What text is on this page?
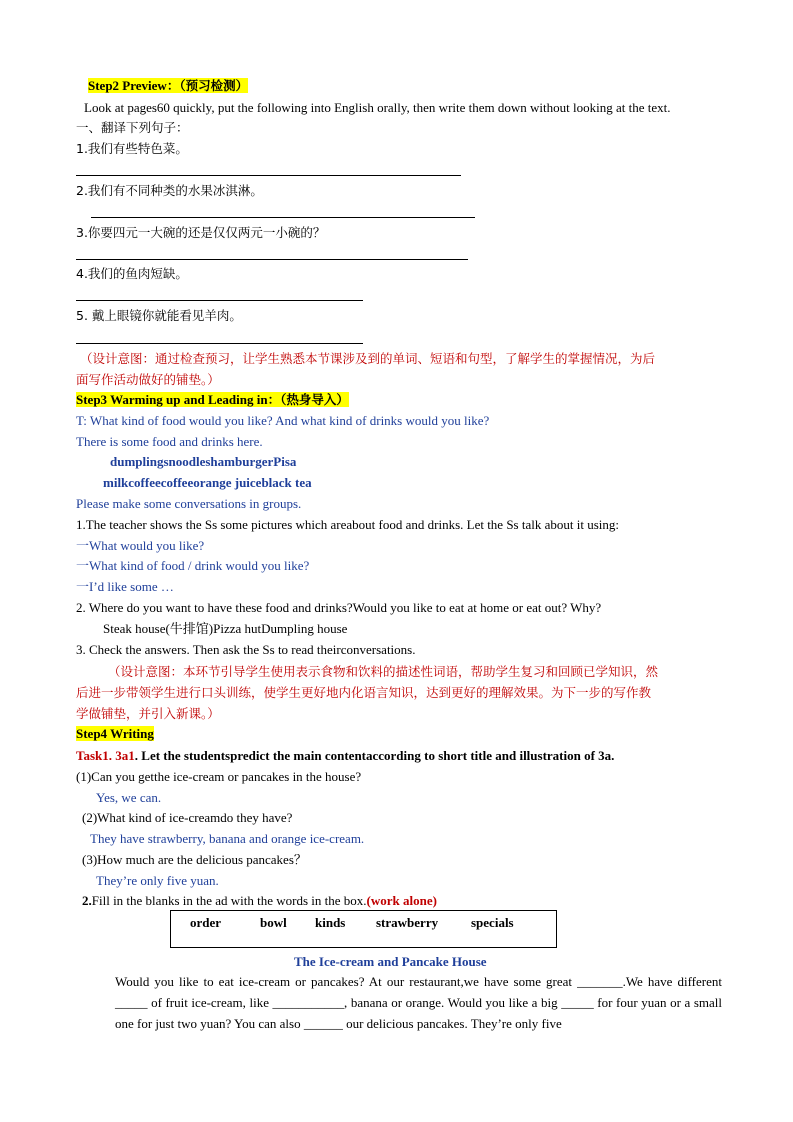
Step2 Preview：（预习检测）
Look at pages60 quickly, put the following into English orally, then write them down without looking at the text.
一、翻译下列句子：
1.我们有些特色菜。
2.我们有不同种类的水果冰淇淋。
3.你要四元一大碗的还是仅仅两元一小碗的？
4.我们的鱼肉短缺。
5. 戴上眼镜你就能看见羊肉。
（设计意图：通过检查预习，让学生熟悉本节课涉及到的单词、短语和句型，了解学生的掌握情况，为后
面写作活动做好的铺垫。）
Step3 Warming up and Leading in：（热身导入）
T: What kind of food would you like? And what kind of drinks would you like?
There is some food and drinks here.
dumplingsnoodleshamburgerPisa
milkcoffeecoffeeorange juiceblack tea
Please make some conversations in groups.
1.The teacher shows the Ss some pictures which areabout food and drinks. Let the Ss talk about it using:
一What would you like?
一What kind of food / drink would you like?
一I’d like some …
2. Where do you want to have these food and drinks?Would you like to eat at home or eat out? Why?
Steak house(牛排馆)Pizza hutDumpling house
3. Check the answers. Then ask the Ss to read theirconversations.
（设计意图：本环节引导学生使用表示食物和饮料的描述性词语，帮助学生复习和回顾已学知识，然
后进一步带领学生进行口头训练，使学生更好地内化语言知识，达到更好的理解效果。为下一步的写作教
学做铺垫，并引入新课。）
Step4 Writing
Task1. 3a1. Let the studentspredict the main contentaccording to short title and illustration of 3a.
(1)Can you getthe ice-cream or pancakes in the house?
Yes, we can.
(2)What kind of ice-creamdo they have?
They have strawberry, banana and orange ice-cream.
(3)How much are the delicious pancakes？
They’re only five yuan.
2.Fill in the blanks in the ad with the words in the box.(work alone)
order	bowl kinds strawberry	specials
The Ice-cream and Pancake House
Would you like to eat ice-cream or pancakes? At our restaurant,we have some great _______.We have different _____ of fruit ice-cream, like ___________, banana or orange. Would you like a big _____ for four yuan or a small one for just two yuan? You can also ______ our delicious pancakes. They’re only five
